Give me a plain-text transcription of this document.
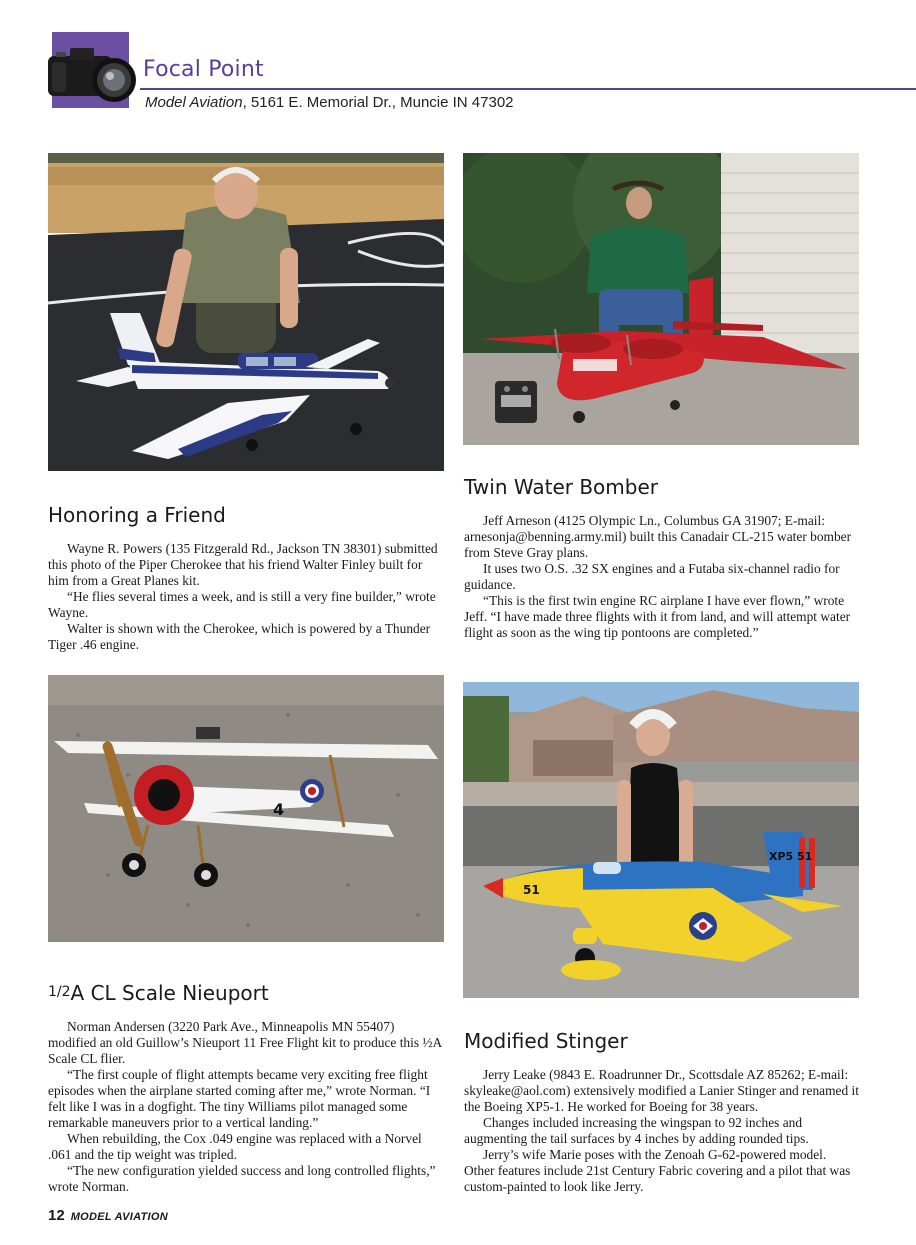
Focal Point
Model Aviation, 5161 E. Memorial Dr., Muncie IN 47302
Honoring a Friend

Wayne R. Powers (135 Fitzgerald Rd., Jackson TN 38301) submitted this photo of the Piper Cherokee that his friend Walter Finley built for him from a Great Planes kit.

“He flies several times a week, and is still a very fine builder,” wrote Wayne.

Walter is shown with the Cherokee, which is powered by a Thunder Tiger .46 engine.

Twin Water Bomber

Jeff Arneson (4125 Olympic Ln., Columbus GA 31907; E-mail: arnesonja@benning.army.mil) built this Canadair CL-215 water bomber from Steve Gray plans.

It uses two O.S. .32 SX engines and a Futaba six-channel radio for guidance.

“This is the first twin engine RC airplane I have ever flown,” wrote Jeff. “I have made three flights with it from land, and will attempt water flight as soon as the wing tip pontoons are completed.”

4
51
XP5 51
$^{1/2}$A CL Scale Nieuport

Norman Andersen (3220 Park Ave., Minneapolis MN 55407) modified an old Guillow’s Nieuport 11 Free Flight kit to produce this ½A Scale CL flier.

“The first couple of flight attempts became very exciting free flight episodes when the airplane started coming after me,” wrote Norman. “I felt like I was in a dogfight. The tiny Williams pilot managed some remarkable maneuvers prior to a vertical landing.”

When rebuilding, the Cox .049 engine was replaced with a Norvel .061 and the tip weight was tripled.

“The new configuration yielded success and long controlled flights,” wrote Norman.

Modified Stinger

Jerry Leake (9843 E. Roadrunner Dr., Scottsdale AZ 85262; E-mail: skyleake@aol.com) extensively modified a Lanier Stinger and renamed it the Boeing XP5-1. He worked for Boeing for 38 years.

Changes included increasing the wingspan to 92 inches and augmenting the tail surfaces by 4 inches by adding rounded tips.

Jerry’s wife Marie poses with the Zenoah G-62-powered model. Other features include 21st Century Fabric covering and a pilot that was custom-painted to look like Jerry.

12 MODEL AVIATION
